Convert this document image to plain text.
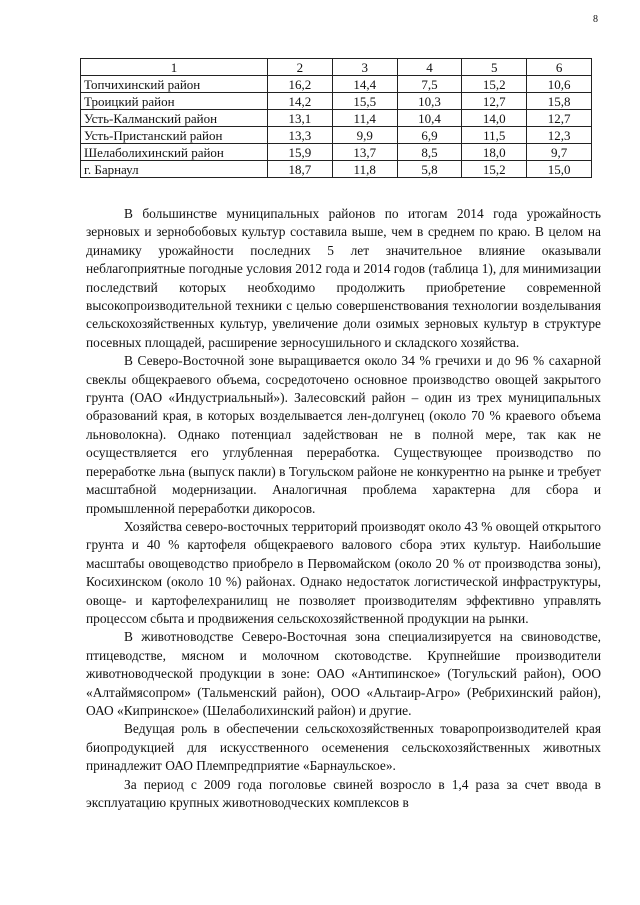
8
1	2	3	4	5	6
Топчихинский район	16,2	14,4	7,5	15,2	10,6
Троицкий район	14,2	15,5	10,3	12,7	15,8
Усть-Калманский район	13,1	11,4	10,4	14,0	12,7
Усть-Пристанский район	13,3	9,9	6,9	11,5	12,3
Шелаболихинский район	15,9	13,7	8,5	18,0	9,7
г. Барнаул	18,7	11,8	5,8	15,2	15,0

В большинстве муниципальных районов по итогам 2014 года урожайность зерновых и зернобобовых культур составила выше, чем в среднем по краю. В целом на динамику урожайности последних 5 лет значительное влияние оказывали неблагоприятные погодные условия 2012 года и 2014 годов (таблица 1), для минимизации последствий которых необходимо продолжить приобретение современной высокопроизводительной техники с целью совершенствования технологии возделывания сельскохозяйственных культур, увеличение доли озимых зерновых культур в структуре посевных площадей, расширение зерносушильного и складского хозяйства.

В Северо-Восточной зоне выращивается около 34 % гречихи и до 96 % сахарной свеклы общекраевого объема, сосредоточено основное производство овощей закрытого грунта (ОАО «Индустриальный»). Залесовский район – один из трех муниципальных образований края, в которых возделывается лен-долгунец (около 70 % краевого объема льноволокна). Однако потенциал задействован не в полной мере, так как не осуществляется его углубленная переработка. Существующее производство по переработке льна (выпуск пакли) в Тогульском районе не конкурентно на рынке и требует масштабной модернизации. Аналогичная проблема характерна для сбора и промышленной переработки дикоросов.

Хозяйства северо-восточных территорий производят около 43 % овощей открытого грунта и 40 % картофеля общекраевого валового сбора этих культур. Наибольшие масштабы овощеводство приобрело в Первомайском (около 20 % от производства зоны), Косихинском (около 10 %) районах. Однако недостаток логистической инфраструктуры, овоще- и картофелехранилищ не позволяет производителям эффективно управлять процессом сбыта и продвижения сельскохозяйственной продукции на рынки.

В животноводстве Северо-Восточная зона специализируется на свиноводстве, птицеводстве, мясном и молочном скотоводстве. Крупнейшие производители животноводческой продукции в зоне: ОАО «Антипинское» (Тогульский район), ООО «Алтаймясопром» (Тальменский район), ООО «Альтаир-Агро» (Ребрихинский район), ОАО «Кипринское» (Шелаболихинский район) и другие.

Ведущая роль в обеспечении сельскохозяйственных товаропроизводителей края биопродукцией для искусственного осеменения сельскохозяйственных животных принадлежит ОАО Племпредприятие «Барнаульское».

За период с 2009 года поголовье свиней возросло в 1,4 раза за счет ввода в эксплуатацию крупных животноводческих комплексов в
